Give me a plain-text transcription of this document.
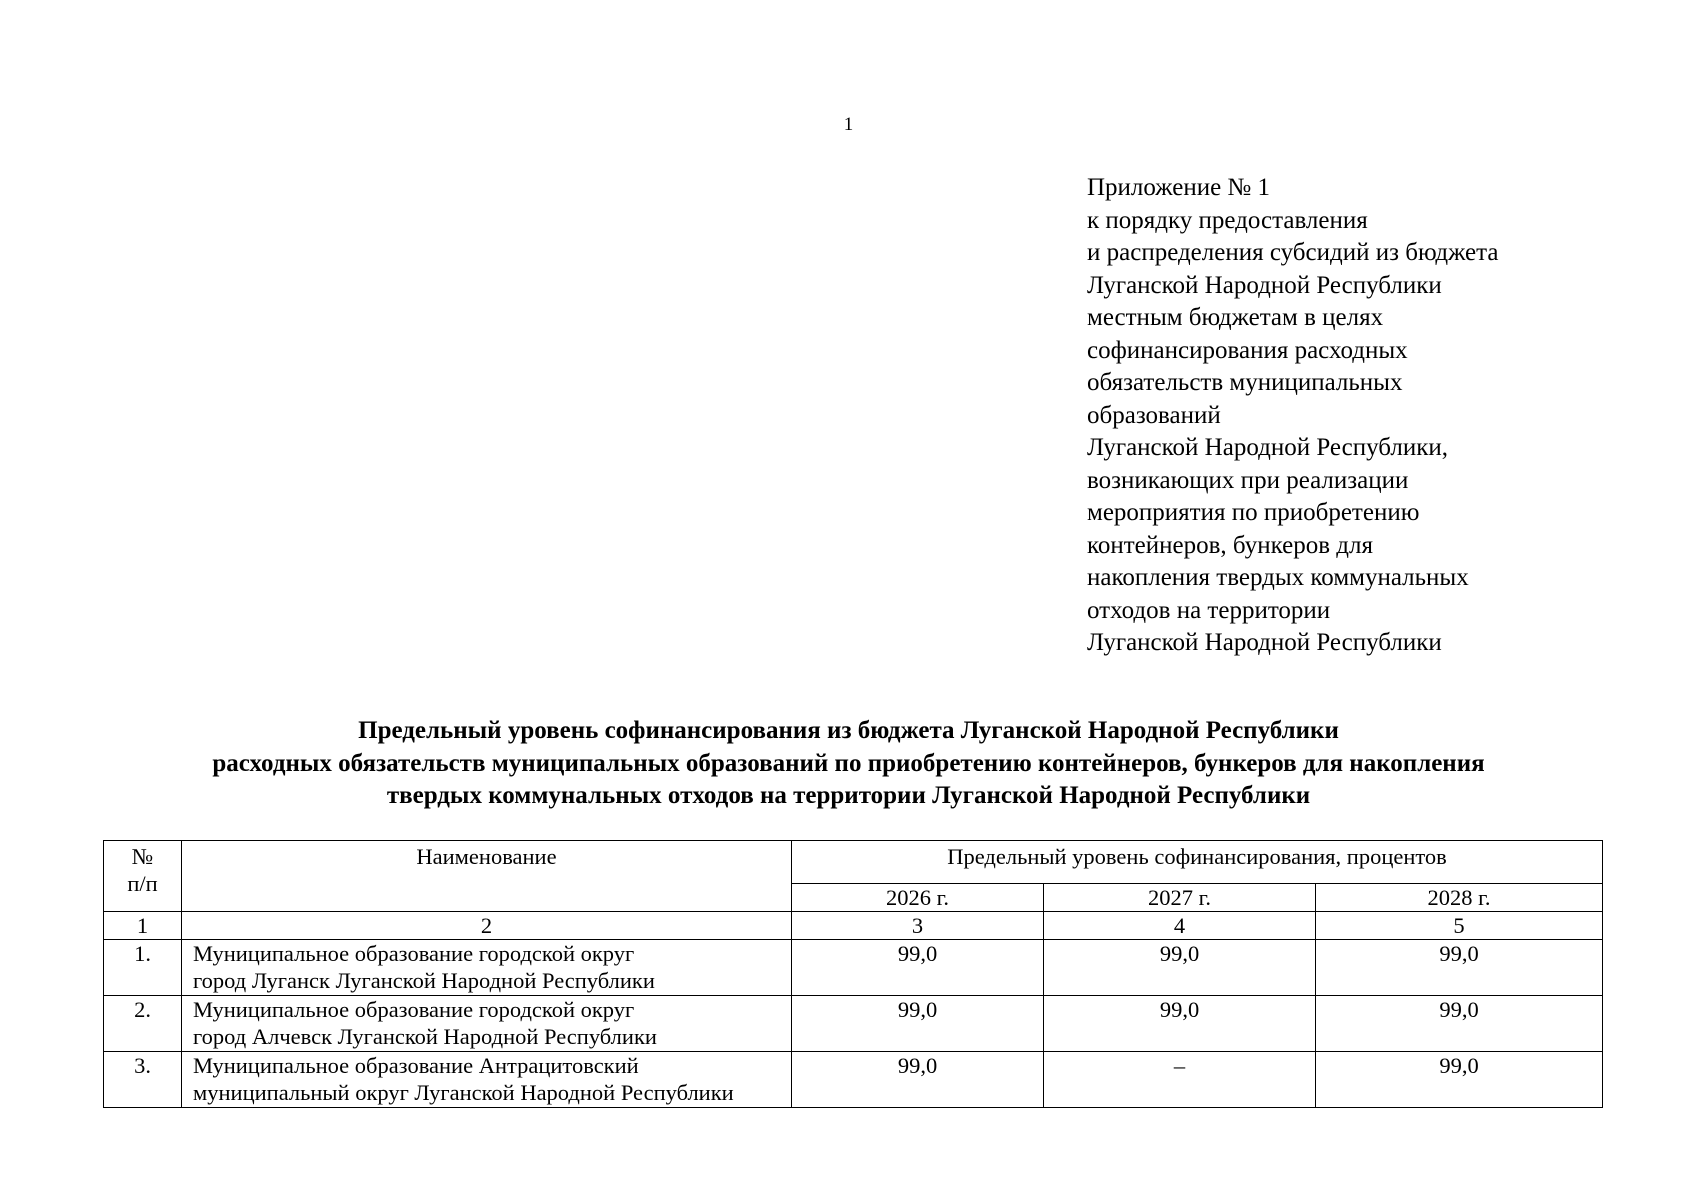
1
Приложение № 1
к порядку предоставления
и распределения субсидий из бюджета
Луганской Народной Республики
местным бюджетам в целях
софинансирования расходных
обязательств муниципальных
образований
Луганской Народной Республики,
возникающих при реализации
мероприятия по приобретению
контейнеров, бункеров для
накопления твердых коммунальных
отходов на территории
Луганской Народной Республики
Предельный уровень софинансирования из бюджета Луганской Народной Республики
расходных обязательств муниципальных образований по приобретению контейнеров, бункеров для накопления
твердых коммунальных отходов на территории Луганской Народной Республики
№ п/п	Наименование	Предельный уровень софинансирования, процентов		
		2026 г.	2027 г.	2028 г.
1	2	3	4	5
1.	Муниципальное образование городской округ
город Луганск Луганской Народной Республики	99,0	99,0	99,0
2.	Муниципальное образование городской округ
город Алчевск Луганской Народной Республики	99,0	99,0	99,0
3.	Муниципальное образование Антрацитовский
муниципальный округ Луганской Народной Республики	99,0	–	99,0
